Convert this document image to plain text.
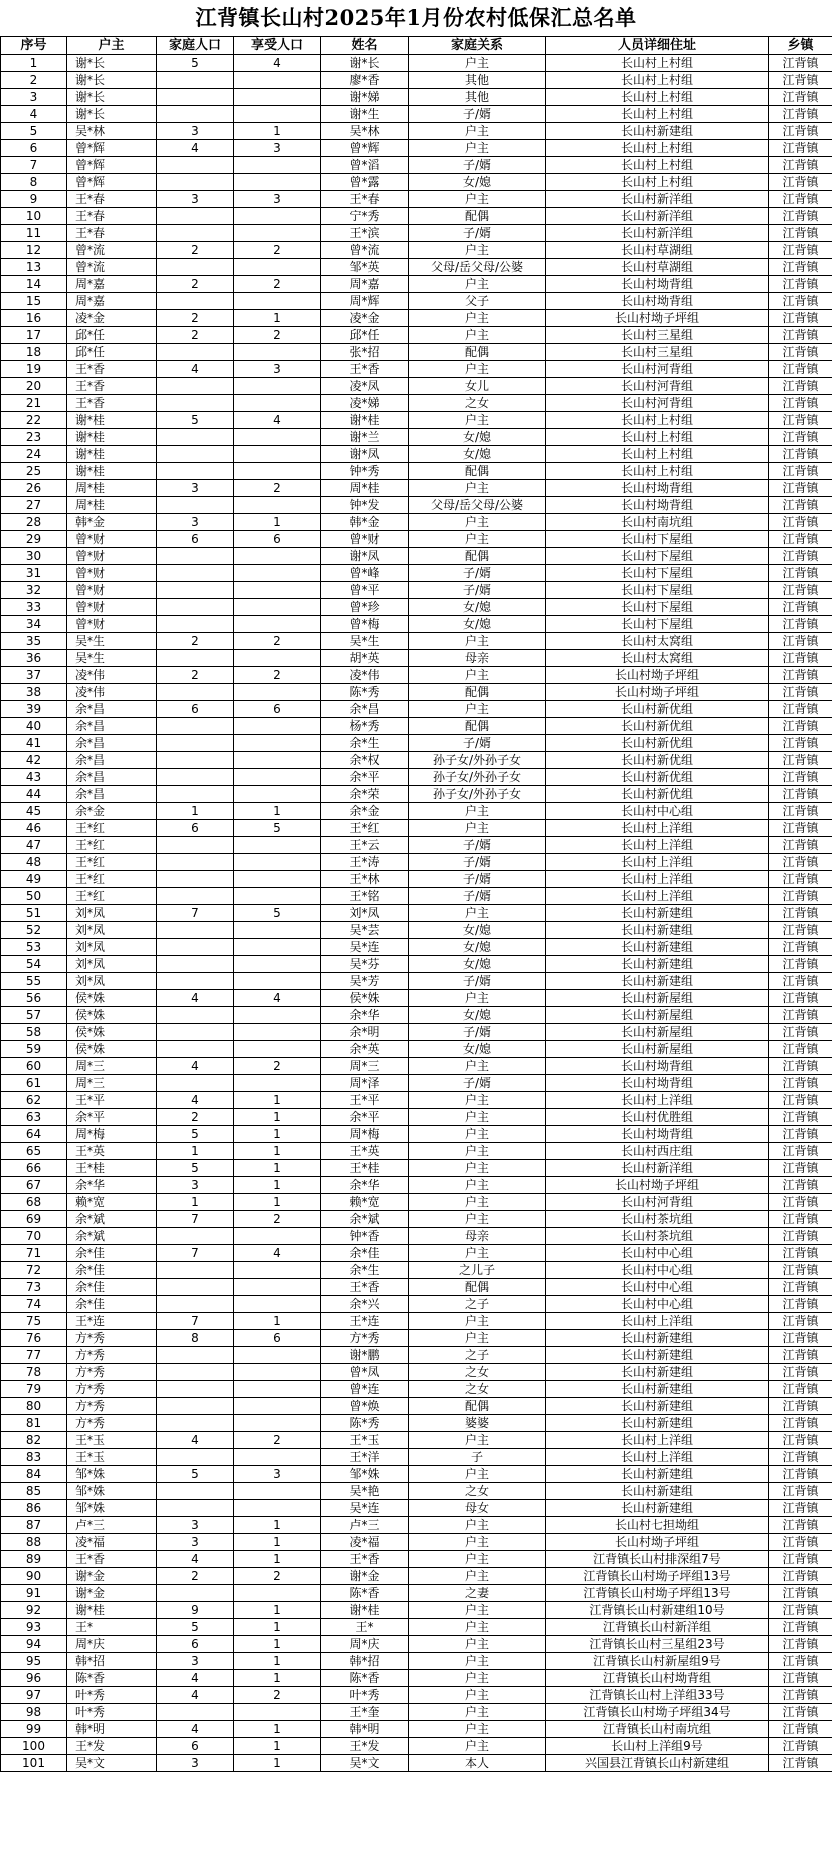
江背镇长山村2025年1月份农村低保汇总名单
序号	户主	家庭人口	享受人口	姓名	家庭关系	人员详细住址	乡镇
1	谢*长	5	4	谢*长	户主	长山村上村组	江背镇
2	谢*长			廖*香	其他	长山村上村组	江背镇
3	谢*长			谢*娣	其他	长山村上村组	江背镇
4	谢*长			谢*生	子/婿	长山村上村组	江背镇
5	吴*林	3	1	吴*林	户主	长山村新建组	江背镇
6	曾*辉	4	3	曾*辉	户主	长山村上村组	江背镇
7	曾*辉			曾*滔	子/婿	长山村上村组	江背镇
8	曾*辉			曾*露	女/媳	长山村上村组	江背镇
9	王*春	3	3	王*春	户主	长山村新洋组	江背镇
10	王*春			宁*秀	配偶	长山村新洋组	江背镇
11	王*春			王*滨	子/婿	长山村新洋组	江背镇
12	曾*流	2	2	曾*流	户主	长山村草湖组	江背镇
13	曾*流			邹*英	父母/岳父母/公婆	长山村草湖组	江背镇
14	周*嘉	2	2	周*嘉	户主	长山村坳背组	江背镇
15	周*嘉			周*辉	父子	长山村坳背组	江背镇
16	凌*金	2	1	凌*金	户主	长山村坳子坪组	江背镇
17	邱*任	2	2	邱*任	户主	长山村三星组	江背镇
18	邱*任			张*招	配偶	长山村三星组	江背镇
19	王*香	4	3	王*香	户主	长山村河背组	江背镇
20	王*香			凌*凤	女儿	长山村河背组	江背镇
21	王*香			凌*娣	之女	长山村河背组	江背镇
22	谢*桂	5	4	谢*桂	户主	长山村上村组	江背镇
23	谢*桂			谢*兰	女/媳	长山村上村组	江背镇
24	谢*桂			谢*凤	女/媳	长山村上村组	江背镇
25	谢*桂			钟*秀	配偶	长山村上村组	江背镇
26	周*桂	3	2	周*桂	户主	长山村坳背组	江背镇
27	周*桂			钟*发	父母/岳父母/公婆	长山村坳背组	江背镇
28	韩*金	3	1	韩*金	户主	长山村南坑组	江背镇
29	曾*财	6	6	曾*财	户主	长山村下屋组	江背镇
30	曾*财			谢*凤	配偶	长山村下屋组	江背镇
31	曾*财			曾*峰	子/婿	长山村下屋组	江背镇
32	曾*财			曾*平	子/婿	长山村下屋组	江背镇
33	曾*财			曾*珍	女/媳	长山村下屋组	江背镇
34	曾*财			曾*梅	女/媳	长山村下屋组	江背镇
35	吴*生	2	2	吴*生	户主	长山村太窝组	江背镇
36	吴*生			胡*英	母亲	长山村太窝组	江背镇
37	凌*伟	2	2	凌*伟	户主	长山村坳子坪组	江背镇
38	凌*伟			陈*秀	配偶	长山村坳子坪组	江背镇
39	余*昌	6	6	余*昌	户主	长山村新优组	江背镇
40	余*昌			杨*秀	配偶	长山村新优组	江背镇
41	余*昌			余*生	子/婿	长山村新优组	江背镇
42	余*昌			余*权	孙子女/外孙子女	长山村新优组	江背镇
43	余*昌			余*平	孙子女/外孙子女	长山村新优组	江背镇
44	余*昌			余*荣	孙子女/外孙子女	长山村新优组	江背镇
45	余*金	1	1	余*金	户主	长山村中心组	江背镇
46	王*红	6	5	王*红	户主	长山村上洋组	江背镇
47	王*红			王*云	子/婿	长山村上洋组	江背镇
48	王*红			王*涛	子/婿	长山村上洋组	江背镇
49	王*红			王*林	子/婿	长山村上洋组	江背镇
50	王*红			王*铭	子/婿	长山村上洋组	江背镇
51	刘*凤	7	5	刘*凤	户主	长山村新建组	江背镇
52	刘*凤			吴*芸	女/媳	长山村新建组	江背镇
53	刘*凤			吴*连	女/媳	长山村新建组	江背镇
54	刘*凤			吴*芬	女/媳	长山村新建组	江背镇
55	刘*凤			吴*芳	子/婿	长山村新建组	江背镇
56	侯*姝	4	4	侯*姝	户主	长山村新屋组	江背镇
57	侯*姝			余*华	女/媳	长山村新屋组	江背镇
58	侯*姝			余*明	子/婿	长山村新屋组	江背镇
59	侯*姝			余*英	女/媳	长山村新屋组	江背镇
60	周*三	4	2	周*三	户主	长山村坳背组	江背镇
61	周*三			周*泽	子/婿	长山村坳背组	江背镇
62	王*平	4	1	王*平	户主	长山村上洋组	江背镇
63	余*平	2	1	余*平	户主	长山村优胜组	江背镇
64	周*梅	5	1	周*梅	户主	长山村坳背组	江背镇
65	王*英	1	1	王*英	户主	长山村西庄组	江背镇
66	王*桂	5	1	王*桂	户主	长山村新洋组	江背镇
67	余*华	3	1	余*华	户主	长山村坳子坪组	江背镇
68	赖*宽	1	1	赖*宽	户主	长山村河背组	江背镇
69	余*斌	7	2	余*斌	户主	长山村茶坑组	江背镇
70	余*斌			钟*香	母亲	长山村茶坑组	江背镇
71	余*佳	7	4	余*佳	户主	长山村中心组	江背镇
72	余*佳			余*生	之儿子	长山村中心组	江背镇
73	余*佳			王*香	配偶	长山村中心组	江背镇
74	余*佳			余*兴	之子	长山村中心组	江背镇
75	王*连	7	1	王*连	户主	长山村上洋组	江背镇
76	方*秀	8	6	方*秀	户主	长山村新建组	江背镇
77	方*秀			谢*鹏	之子	长山村新建组	江背镇
78	方*秀			曾*凤	之女	长山村新建组	江背镇
79	方*秀			曾*连	之女	长山村新建组	江背镇
80	方*秀			曾*焕	配偶	长山村新建组	江背镇
81	方*秀			陈*秀	婆婆	长山村新建组	江背镇
82	王*玉	4	2	王*玉	户主	长山村上洋组	江背镇
83	王*玉			王*洋	子	长山村上洋组	江背镇
84	邹*姝	5	3	邹*姝	户主	长山村新建组	江背镇
85	邹*姝			吴*艳	之女	长山村新建组	江背镇
86	邹*姝			吴*连	母女	长山村新建组	江背镇
87	卢*三	3	1	卢*三	户主	长山村七担坳组	江背镇
88	凌*福	3	1	凌*福	户主	长山村坳子坪组	江背镇
89	王*香	4	1	王*香	户主	江背镇长山村排深组7号	江背镇
90	谢*金	2	2	谢*金	户主	江背镇长山村坳子坪组13号	江背镇
91	谢*金			陈*香	之妻	江背镇长山村坳子坪组13号	江背镇
92	谢*桂	9	1	谢*桂	户主	江背镇长山村新建组10号	江背镇
93	王*	5	1	王*	户主	江背镇长山村新洋组	江背镇
94	周*庆	6	1	周*庆	户主	江背镇长山村三星组23号	江背镇
95	韩*招	3	1	韩*招	户主	江背镇长山村新屋组9号	江背镇
96	陈*香	4	1	陈*香	户主	江背镇长山村坳背组	江背镇
97	叶*秀	4	2	叶*秀	户主	江背镇长山村上洋组33号	江背镇
98	叶*秀			王*奎	户主	江背镇长山村坳子坪组34号	江背镇
99	韩*明	4	1	韩*明	户主	江背镇长山村南坑组	江背镇
100	王*发	6	1	王*发	户主	长山村上洋组9号	江背镇
101	吴*文	3	1	吴*文	本人	兴国县江背镇长山村新建组	江背镇
